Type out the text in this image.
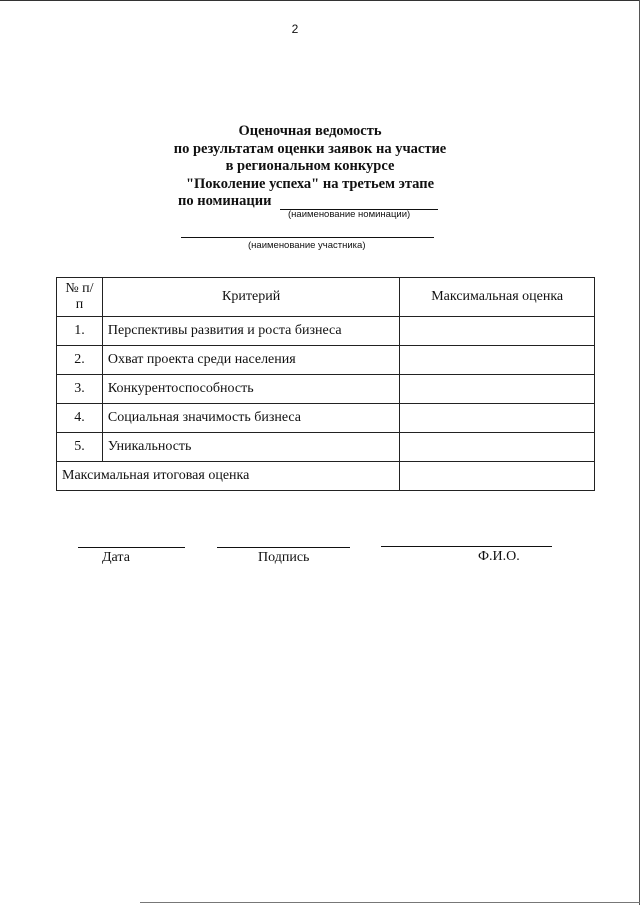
2
Оценочная ведомость
по результатам оценки заявок на участие
в региональном конкурсе
"Поколение успеха" на третьем этапе
по номинации
(наименование номинации)
(наименование участника)
№ п/п	Критерий	Максимальная оценка
1.	Перспективы развития и роста бизнеса	
2.	Охват проекта среди населения	
3.	Конкурентоспособность	
4.	Социальная значимость бизнеса	
5.	Уникальность	
Максимальная итоговая оценка		
Дата	Подпись	Ф.И.О.
